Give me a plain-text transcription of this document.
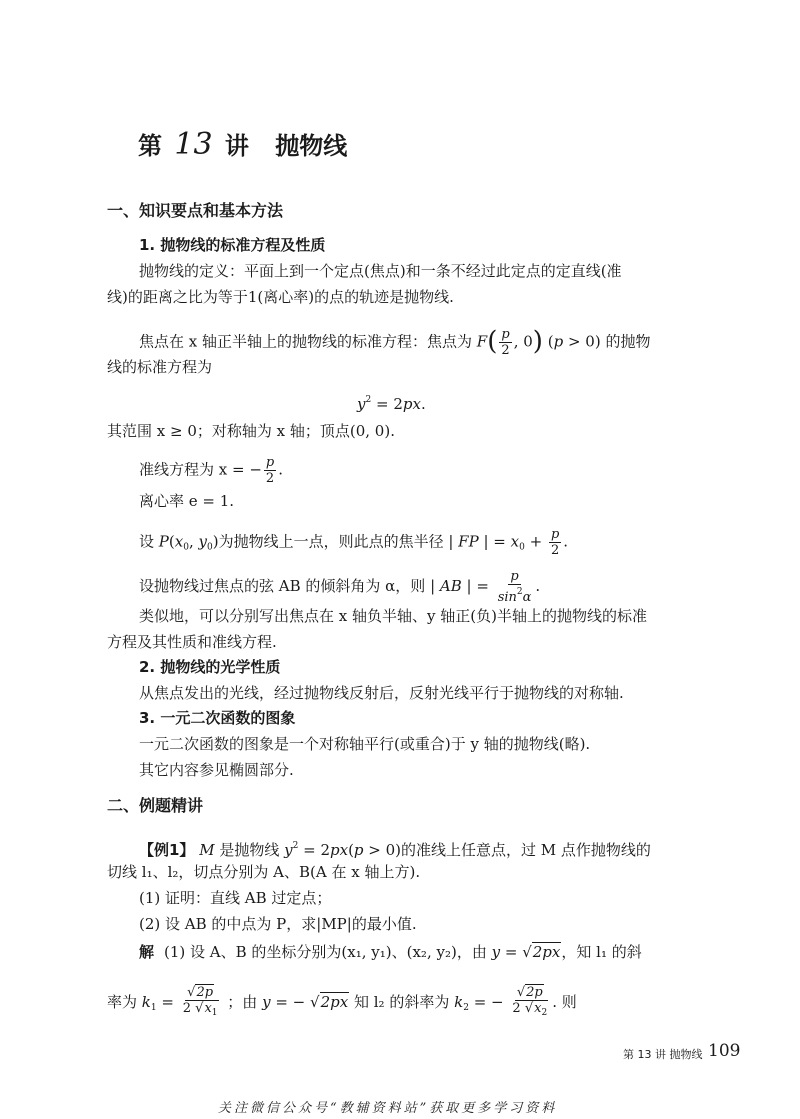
第 13 讲 抛物线
一、知识要点和基本方法
1. 抛物线的标准方程及性质
抛物线的定义：平面上到一个定点(焦点)和一条不经过此定点的定直线(准
线)的距离之比为等于1(离心率)的点的轨迹是抛物线.
焦点在 x 轴正半轴上的抛物线的标准方程：焦点为 $F( \frac{p}{2}$ , 0) (p > 0) 的抛物
线的标准方程为
$y^2 = 2px$.
其范围 x ≥ 0；对称轴为 x 轴；顶点(0, 0).
准线方程为 x = − $\frac{p}{2}$ .
离心率 e = 1.
设 $P(x_0$, $y_0$)为抛物线上一点，则此点的焦半径 | FP | = $x_0 + \frac{p}{2}$ .
设抛物线过焦点的弦 AB 的倾斜角为 α，则 | AB | = $\frac{p}{\sin^2\alpha}$ .
类似地，可以分别写出焦点在 x 轴负半轴、y 轴正(负)半轴上的抛物线的标准
方程及其性质和准线方程.
2. 抛物线的光学性质
从焦点发出的光线，经过抛物线反射后，反射光线平行于抛物线的对称轴.
3. 一元二次函数的图象
一元二次函数的图象是一个对称轴平行(或重合)于 y 轴的抛物线(略).
其它内容参见椭圆部分.
二、例题精讲
【例1】 M 是抛物线 $y^2 = 2px(p > 0)$的准线上任意点，过 M 点作抛物线的
切线 l₁、l₂，切点分别为 A、B(A 在 x 轴上方).
(1) 证明：直线 AB 过定点；
(2) 设 AB 的中点为 P，求|MP|的最小值.
解 (1) 设 A、B 的坐标分别为(x₁, y₁)、(x₂, y₂)，由 y = √2px，知 l₁ 的斜
率为 $k_1 = \frac{√2p}{2 √x_1}$ ；由 y = − √2px 知 l₂ 的斜率为 $k_2$ = − $\frac{√2p}{2 √x_2}$ . 则
第 13 讲 抛物线 109
关注微信公众号“教辅资料站”获取更多学习资料
